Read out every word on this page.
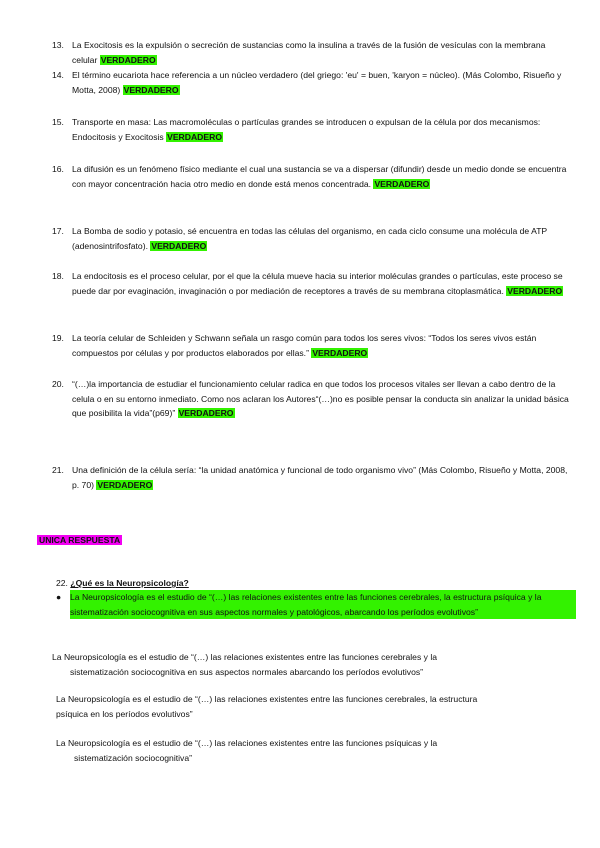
13. La Exocitosis es la expulsión o secreción de sustancias como la insulina a través de la fusión de vesículas con la membrana celular VERDADERO
14. El término eucariota hace referencia a un núcleo verdadero (del griego: 'eu' = buen, 'karyon = núcleo). (Más Colombo, Risueño y Motta, 2008) VERDADERO
15. Transporte en masa: Las macromoléculas o partículas grandes se introducen o expulsan de la célula por dos mecanismos: Endocitosis y Exocitosis VERDADERO
16. La difusión es un fenómeno físico mediante el cual una sustancia se va a dispersar (difundir) desde un medio donde se encuentra con mayor concentración hacia otro medio en donde está menos concentrada. VERDADERO
17. La Bomba de sodio y potasio, sé encuentra en todas las células del organismo, en cada ciclo consume una molécula de ATP (adenosintrifosfato). VERDADERO
18. La endocitosis es el proceso celular, por el que la célula mueve hacia su interior moléculas grandes o partículas, este proceso se puede dar por evaginación, invaginación o por mediación de receptores a través de su membrana citoplasmática. VERDADERO
19. La teoría celular de Schleiden y Schwann señala un rasgo común para todos los seres vivos: “Todos los seres vivos están compuestos por células y por productos elaborados por ellas.” VERDADERO
20. “(…)la importancia de estudiar el funcionamiento celular radica en que todos los procesos vitales ser llevan a cabo dentro de la celula o en su entorno inmediato. Como nos aclaran los Autores“(…)no es posible pensar la conducta sin analizar la unidad básica que posibilita la vida”(p69)” VERDADERO
21. Una definición de la célula sería: “la unidad anatómica y funcional de todo organismo vivo” (Más Colombo, Risueño y Motta, 2008, p. 70) VERDADERO
UNICA RESPUESTA
22. ¿Qué es la Neuropsicología?
● La Neuropsicología es el estudio de “(…) las relaciones existentes entre las funciones cerebrales, la estructura psíquica y la sistematización sociocognitiva en sus aspectos normales y patológicos, abarcando los períodos evolutivos”
La Neuropsicología es el estudio de “(…) las relaciones existentes entre las funciones cerebrales y la
sistematización sociocognitiva en sus aspectos normales abarcando los períodos evolutivos”
La Neuropsicología es el estudio de “(…) las relaciones existentes entre las funciones cerebrales, la estructura
psíquica en los períodos evolutivos”
La Neuropsicología es el estudio de “(…) las relaciones existentes entre las funciones psíquicas y la
sistematización sociocognitiva”
